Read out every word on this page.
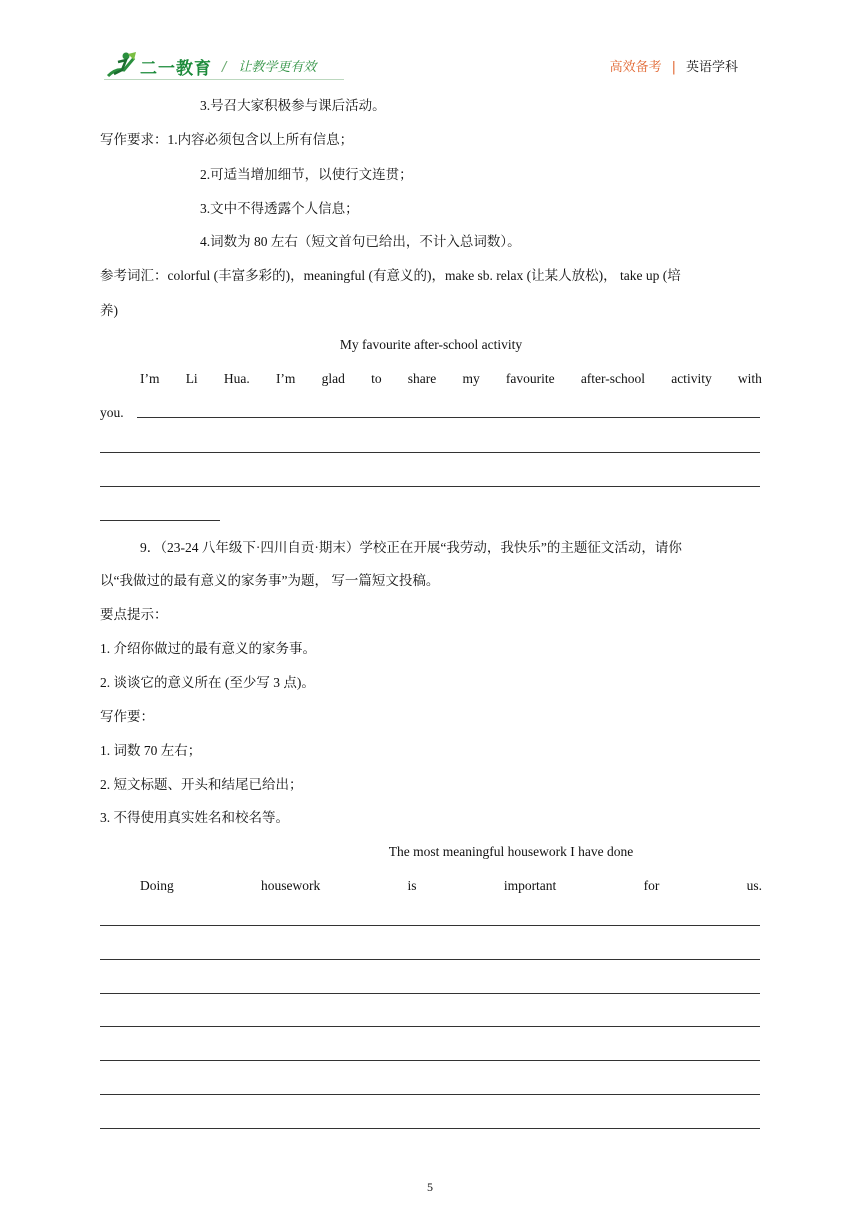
二一教育 / 让教学更有效	高效备考 | 英语学科
3.号召大家积极参与课后活动。
写作要求：1.内容必须包含以上所有信息；
2.可适当增加细节，以使行文连贯；
3.文中不得透露个人信息；
4.词数为 80 左右（短文首句已给出，不计入总词数）。
参考词汇：colorful (丰富多彩的)，meaningful (有意义的)，make sb. relax (让某人放松)， take up (培
养)
My favourite after-school activity
I’m Li Hua. I’m glad to share my favourite after-school activity with
you.
9．（23-24 八年级下·四川自贡·期末）学校正在开展“我劳动，我快乐”的主题征文活动，请你
以“我做过的最有意义的家务事”为题， 写一篇短文投稿。
要点提示：
1. 介绍你做过的最有意义的家务事。
2. 谈谈它的意义所在 (至少写 3 点)。
写作要：
1. 词数 70 左右；
2. 短文标题、开头和结尾已给出；
3. 不得使用真实姓名和校名等。
The most meaningful housework I have done
Doing	housework	is	important	for	us.
5
